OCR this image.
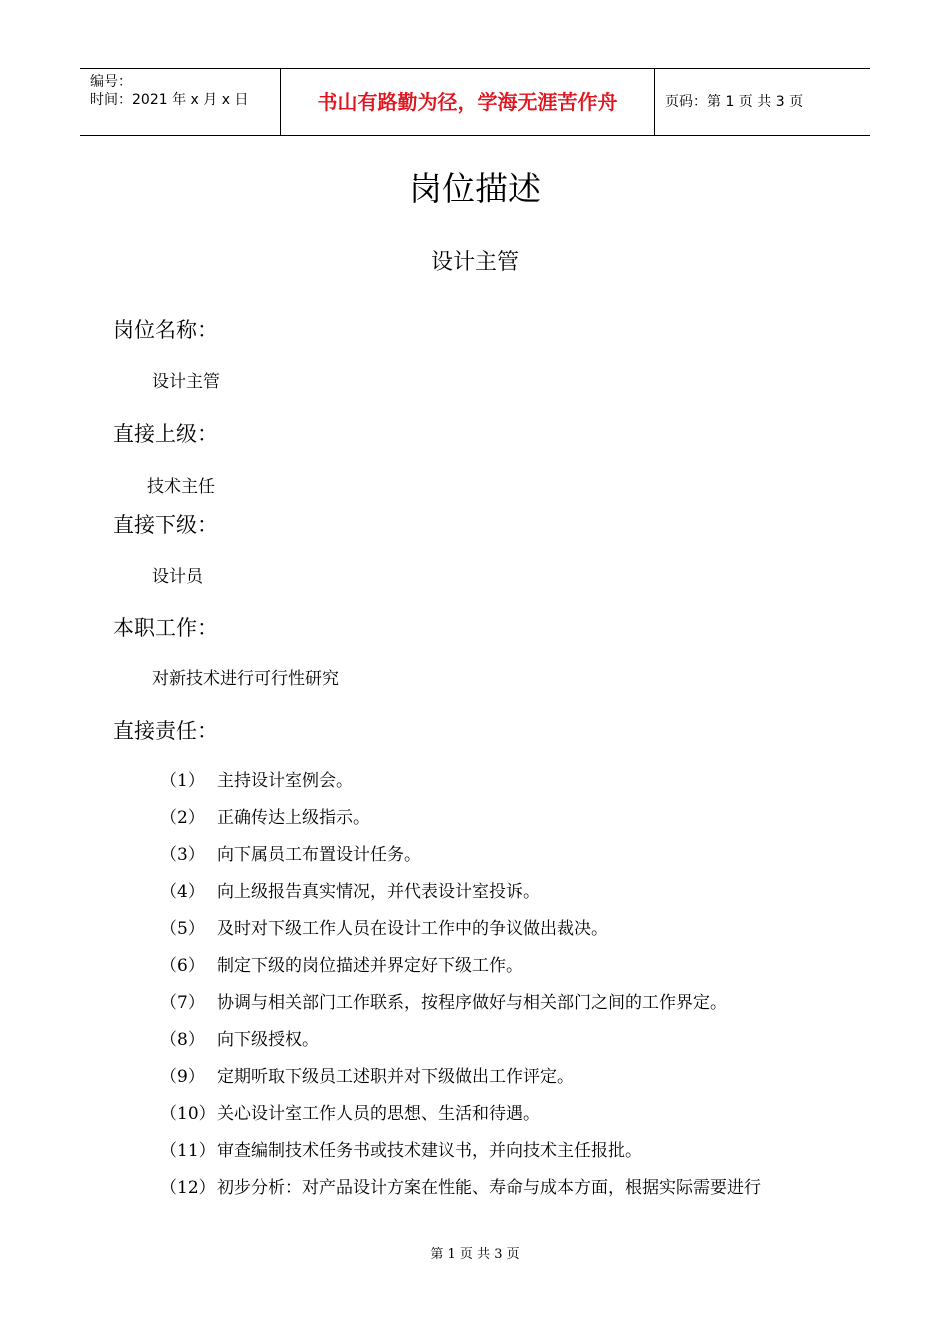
编号：
时间：2021 年 x 月 x 日	书山有路勤为径，学海无涯苦作舟	页码：第 1 页 共 3 页
岗位描述
设计主管
岗位名称：
设计主管
直接上级：
技术主任
直接下级：
设计员
本职工作：
对新技术进行可行性研究
直接责任：
（1） 主持设计室例会。
（2） 正确传达上级指示。
（3） 向下属员工布置设计任务。
（4） 向上级报告真实情况，并代表设计室投诉。
（5） 及时对下级工作人员在设计工作中的争议做出裁决。
（6） 制定下级的岗位描述并界定好下级工作。
（7） 协调与相关部门工作联系，按程序做好与相关部门之间的工作界定。
（8） 向下级授权。
（9） 定期听取下级员工述职并对下级做出工作评定。
（10）关心设计室工作人员的思想、生活和待遇。
（11）审查编制技术任务书或技术建议书，并向技术主任报批。
（12）初步分析：对产品设计方案在性能、寿命与成本方面，根据实际需要进行
第 1 页 共 3 页
